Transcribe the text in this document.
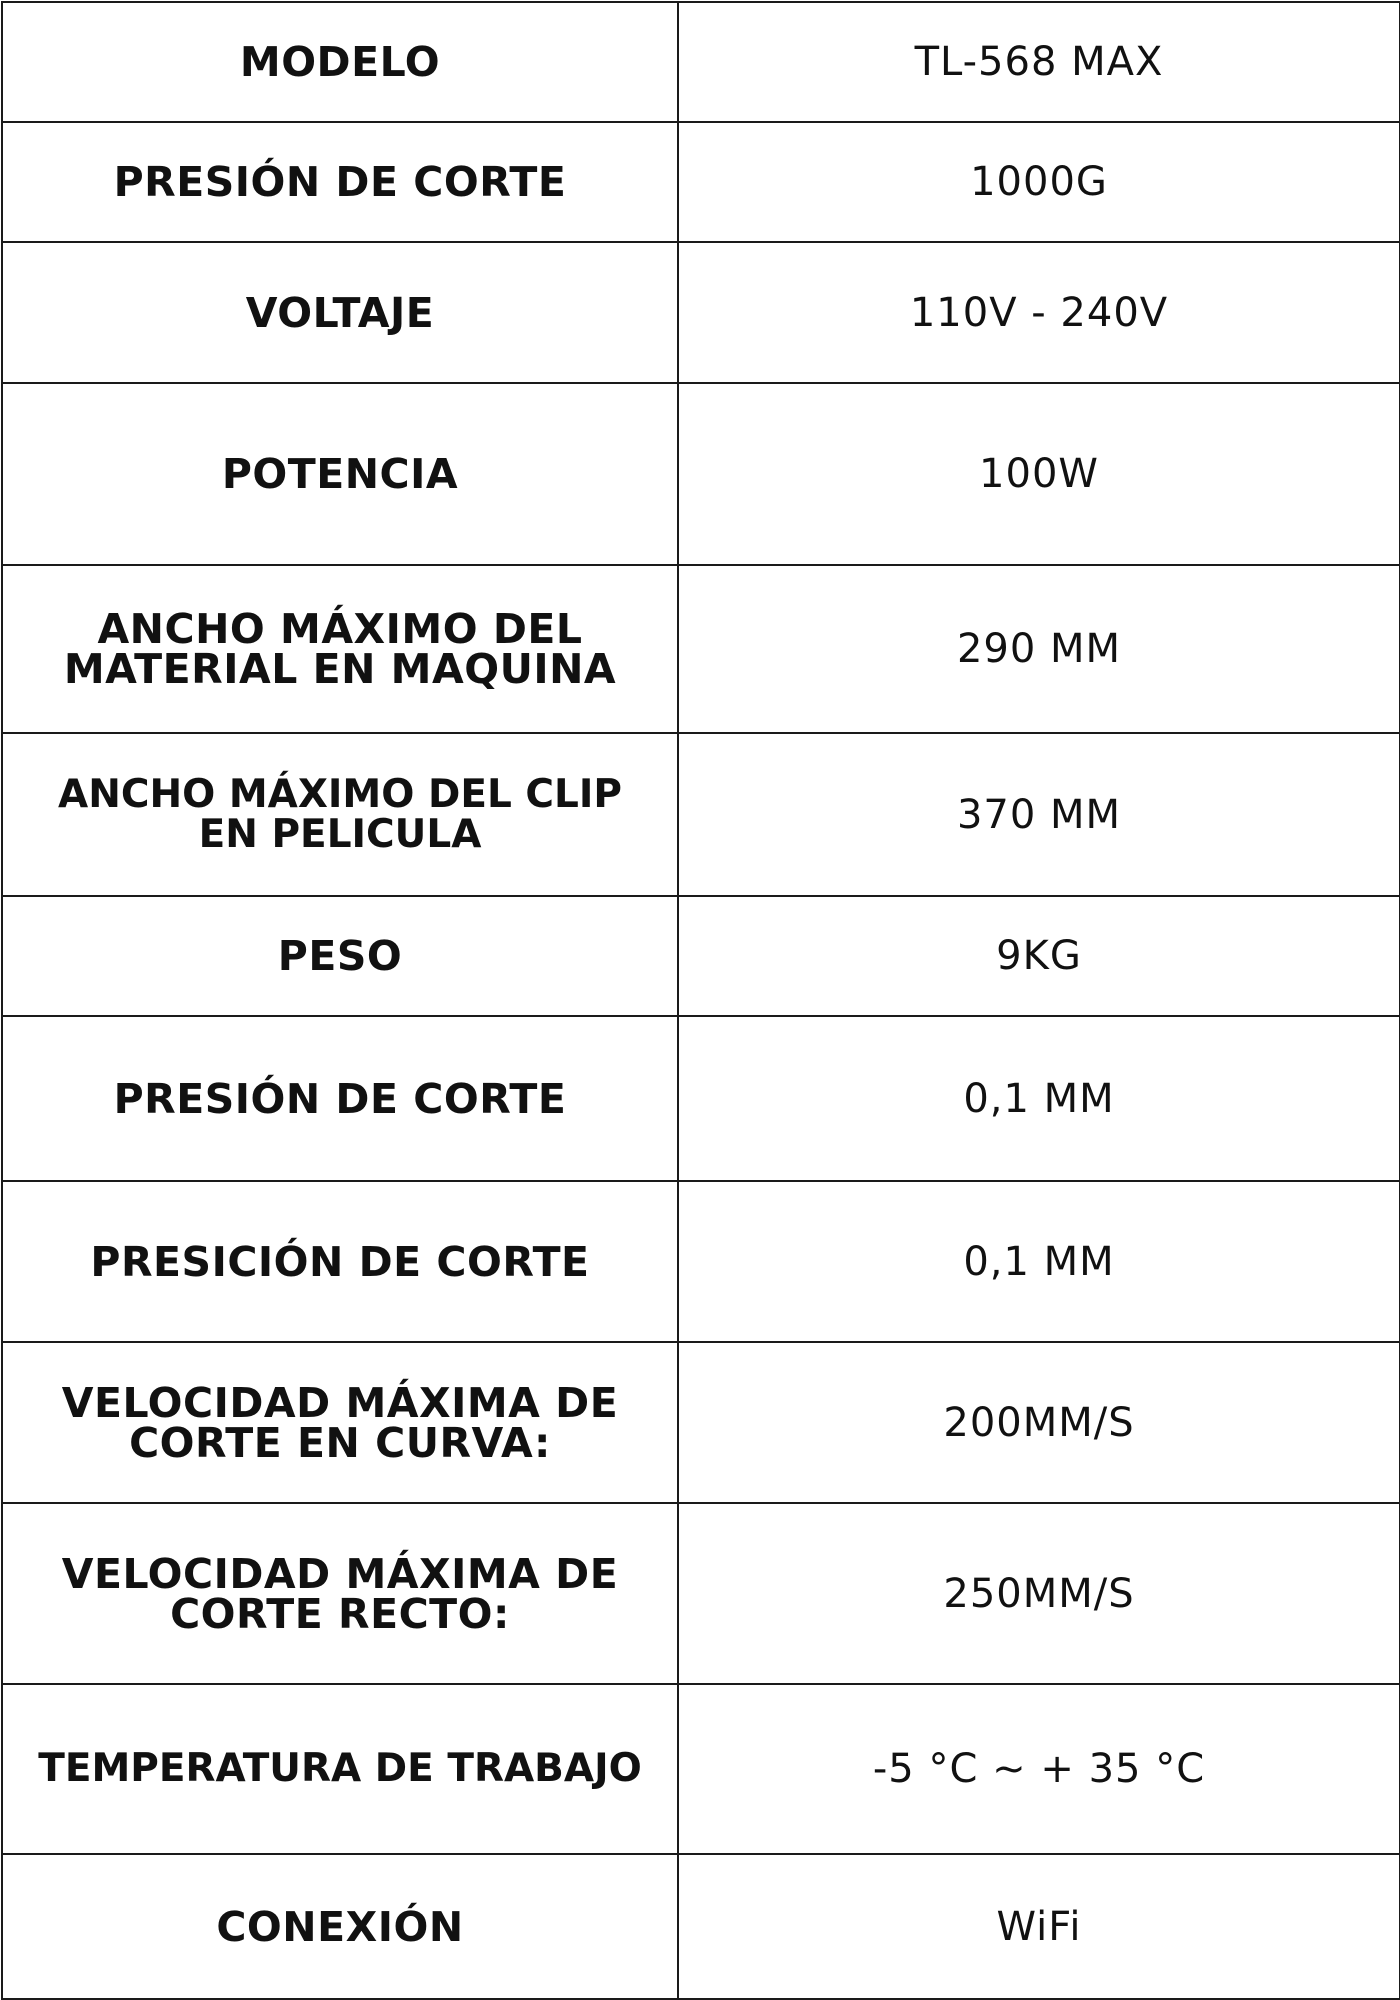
MODELO	TL-568 MAX
PRESIÓN DE CORTE	1000G
VOLTAJE	110V - 240V
POTENCIA	100W

ANCHO MÁXIMO DEL
MATERIAL EN MAQUINA	290 MM

ANCHO MÁXIMO DEL CLIP
EN PELICULA	370 MM
PESO	9KG
PRESIÓN DE CORTE	0,1 MM
PRESICIÓN DE CORTE	0,1 MM

VELOCIDAD MÁXIMA DE
CORTE EN CURVA:	200MM/S

VELOCIDAD MÁXIMA DE
CORTE RECTO:	250MM/S
TEMPERATURA DE TRABAJO	-5 °C ~ + 35 °C
CONEXIÓN	WiFi
